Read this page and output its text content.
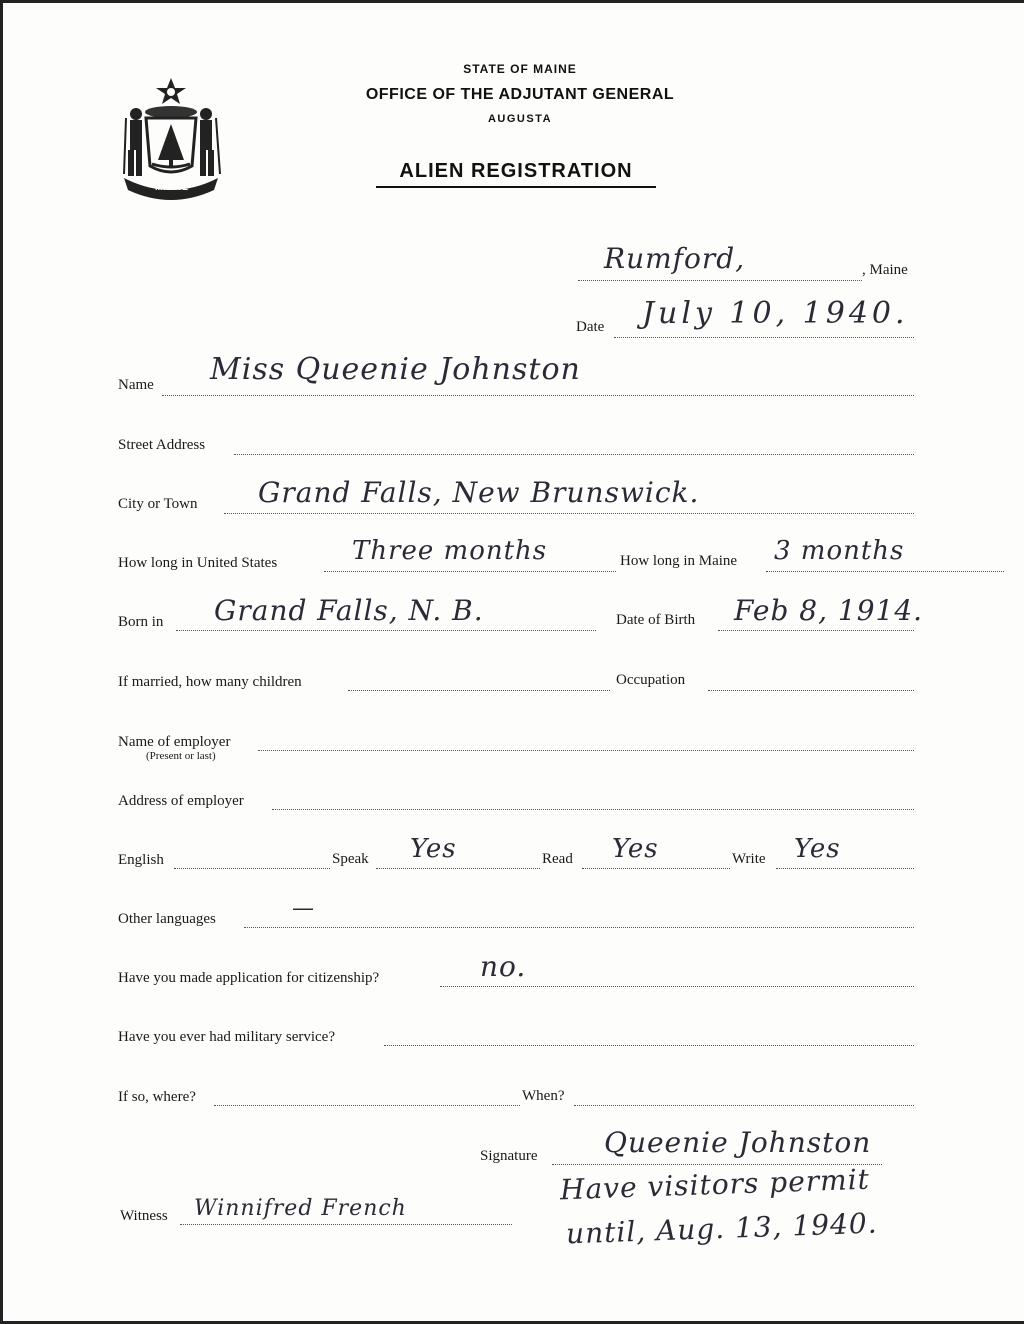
MAINE
STATE OF MAINE
OFFICE OF THE ADJUTANT GENERAL
AUGUSTA
ALIEN REGISTRATION
Rumford,	, Maine
Date July 10, 1940.
Name Miss Queenie Johnston
Street Address
City or Town Grand Falls, New Brunswick.
How long in United States	Three months	How long in Maine 3 months
Born in Grand Falls, N. B.	Date of Birth Feb 8, 1914.
If married, how many children	Occupation
Name of employer
(Present or last)
Address of employer
English	Speak Yes	Read Yes	Write Yes
Other languages	—
Have you made application for citizenship?	no.
Have you ever had military service?
If so, where?	When?
Signature Queenie Johnston
Witness Winnifred French
Have visitors permit
until, Aug. 13, 1940.
